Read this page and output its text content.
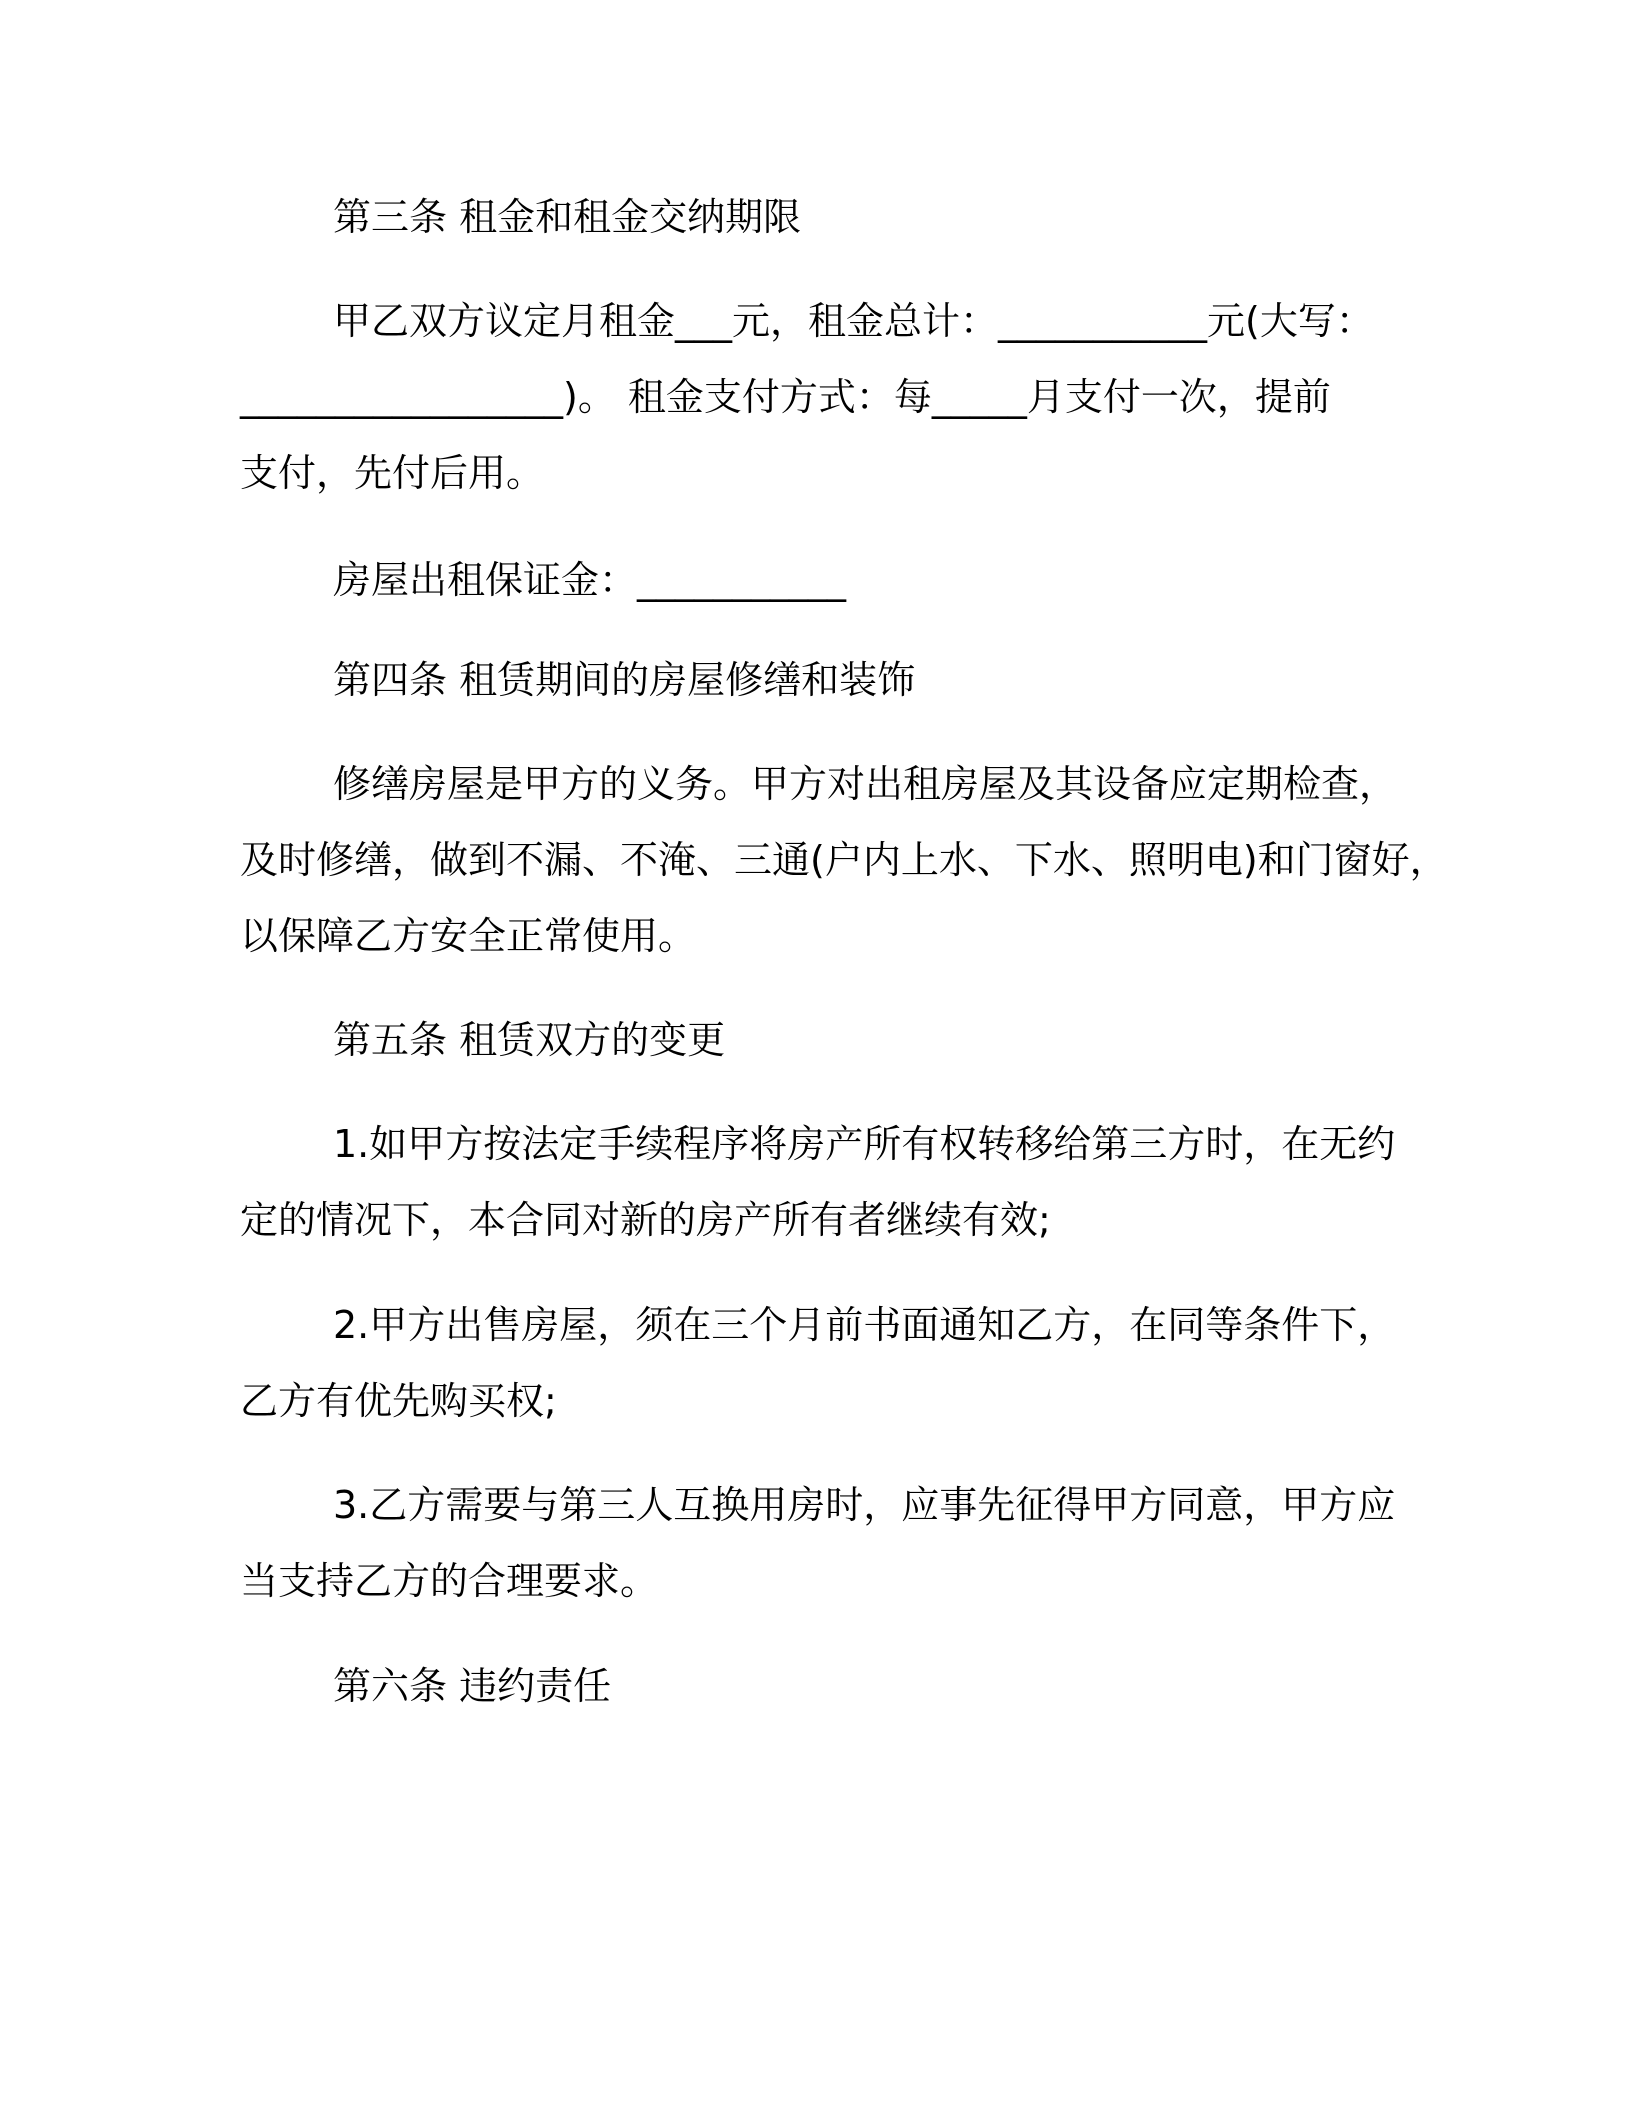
第三条 租金和租金交纳期限
甲乙双方议定月租金___元，租金总计：___________元(大写：
_________________)。 租金支付方式：每_____月支付一次，提前
支付，先付后用。
房屋出租保证金：___________
第四条 租赁期间的房屋修缮和装饰
修缮房屋是甲方的义务。甲方对出租房屋及其设备应定期检查，
及时修缮，做到不漏、不淹、三通(户内上水、下水、照明电)和门窗好，
以保障乙方安全正常使用。
第五条 租赁双方的变更
1.如甲方按法定手续程序将房产所有权转移给第三方时，在无约
定的情况下，本合同对新的房产所有者继续有效;
2.甲方出售房屋，须在三个月前书面通知乙方，在同等条件下，
乙方有优先购买权;
3.乙方需要与第三人互换用房时，应事先征得甲方同意，甲方应
当支持乙方的合理要求。
第六条 违约责任
